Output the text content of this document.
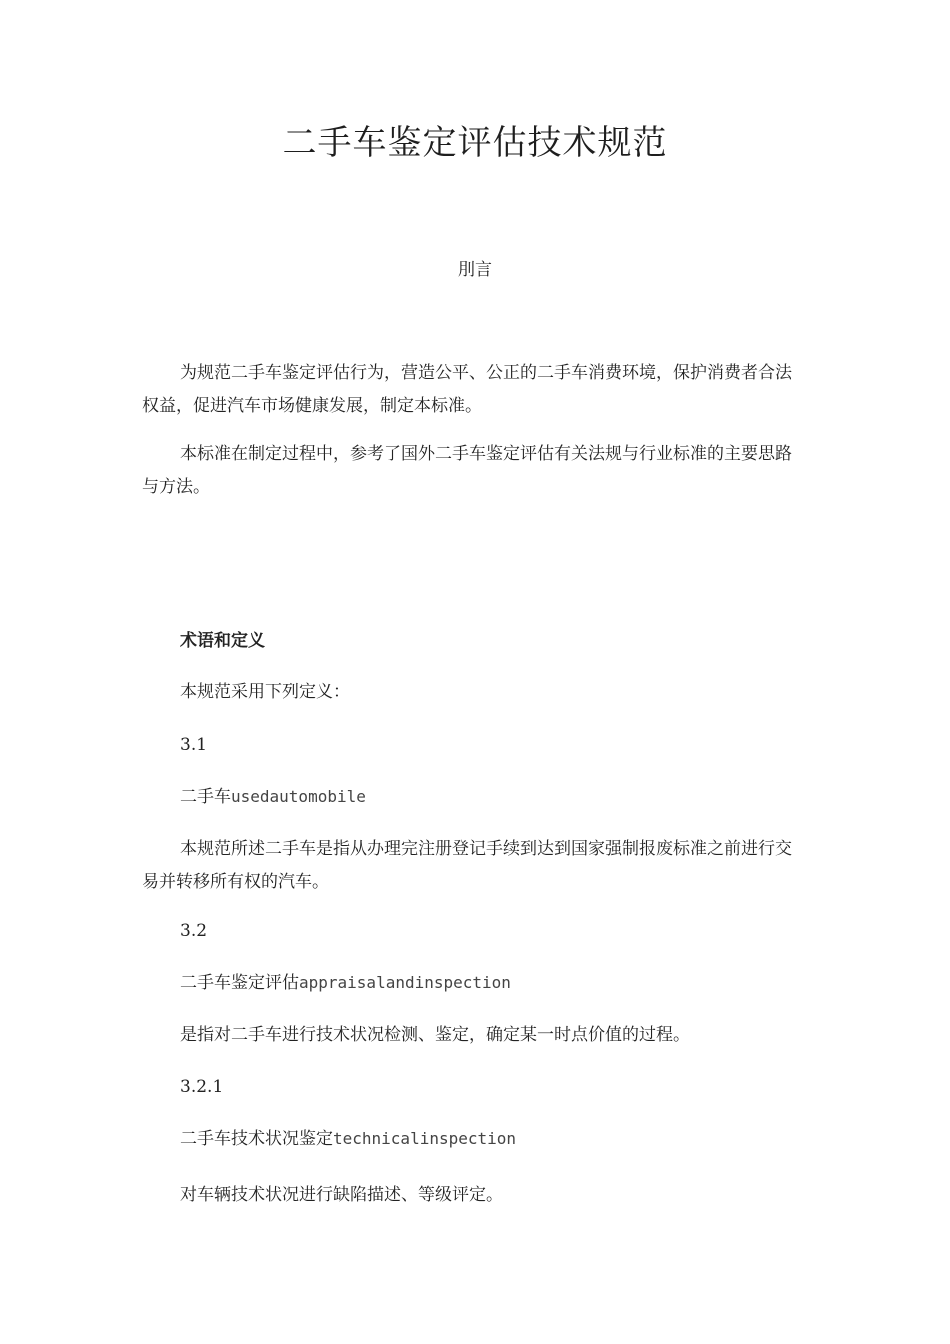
二手车鉴定评估技术规范
刖言
为规范二手车鉴定评估行为，营造公平、公正的二手车消费环境，保护消费者合法权益，促进汽车市场健康发展，制定本标准。
本标准在制定过程中，参考了国外二手车鉴定评估有关法规与行业标准的主要思路与方法。
术语和定义
本规范采用下列定义：
3.1
二手车usedautomobile
本规范所述二手车是指从办理完注册登记手续到达到国家强制报废标准之前进行交易并转移所有权的汽车。
3.2
二手车鉴定评估appraisalandinspection
是指对二手车进行技术状况检测、鉴定，确定某一时点价值的过程。
3.2.1
二手车技术状况鉴定technicalinspection
对车辆技术状况进行缺陷描述、等级评定。
